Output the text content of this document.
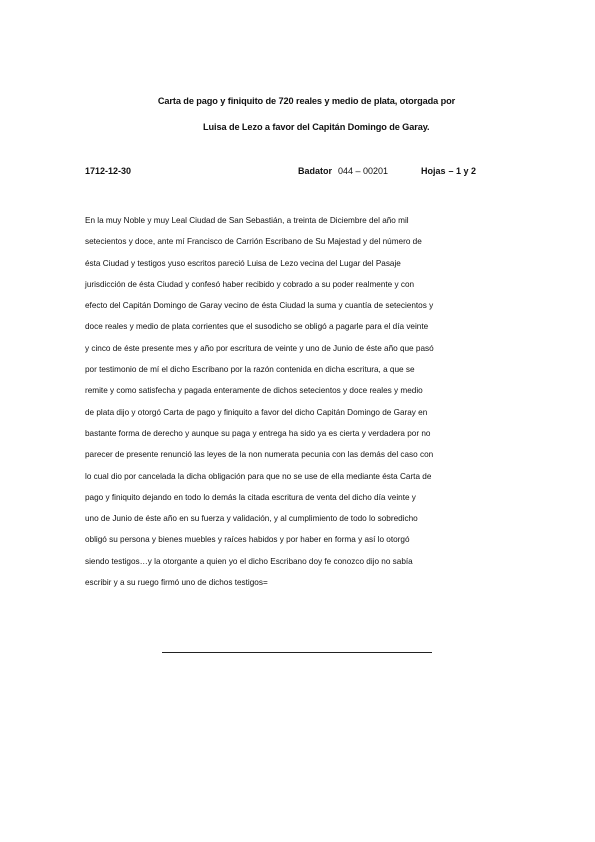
Carta de pago y finiquito de 720 reales y medio de plata, otorgada por
Luisa de Lezo a favor del Capitán Domingo de Garay.
1712-12-30	Badator 044 – 00201	Hojas – 1 y 2
En la muy Noble y muy Leal Ciudad de San Sebastián, a treinta de Diciembre del año mil
setecientos y doce, ante mí Francisco de Carrión Escribano de Su Majestad y del número de
ésta Ciudad y testigos yuso escritos pareció Luisa de Lezo vecina del Lugar del Pasaje
jurisdicción de ésta Ciudad y confesó haber recibido y cobrado a su poder realmente y con
efecto del Capitán Domingo de Garay vecino de ésta Ciudad la suma y cuantía de setecientos y
doce reales y medio de plata corrientes que el susodicho se obligó a pagarle para el día veinte
y cinco de éste presente mes y año por escritura de veinte y uno de Junio de éste año que pasó
por testimonio de mí el dicho Escribano por la razón contenida en dicha escritura, a que se
remite y como satisfecha y pagada enteramente de dichos setecientos y doce reales y medio
de plata dijo y otorgó Carta de pago y finiquito a favor del dicho Capitán Domingo de Garay en
bastante forma de derecho y aunque su paga y entrega ha sido ya es cierta y verdadera por no
parecer de presente renunció las leyes de la non numerata pecunia con las demás del caso con
lo cual dio por cancelada la dicha obligación para que no se use de ella mediante ésta Carta de
pago y finiquito dejando en todo lo demás la citada escritura de venta del dicho día veinte y
uno de Junio de éste año en su fuerza y validación, y al cumplimiento de todo lo sobredicho
obligó su persona y bienes muebles y raíces habidos y por haber en forma y así lo otorgó
siendo testigos…y la otorgante a quien yo el dicho Escribano doy fe conozco dijo no sabía
escribir y a su ruego firmó uno de dichos testigos=
